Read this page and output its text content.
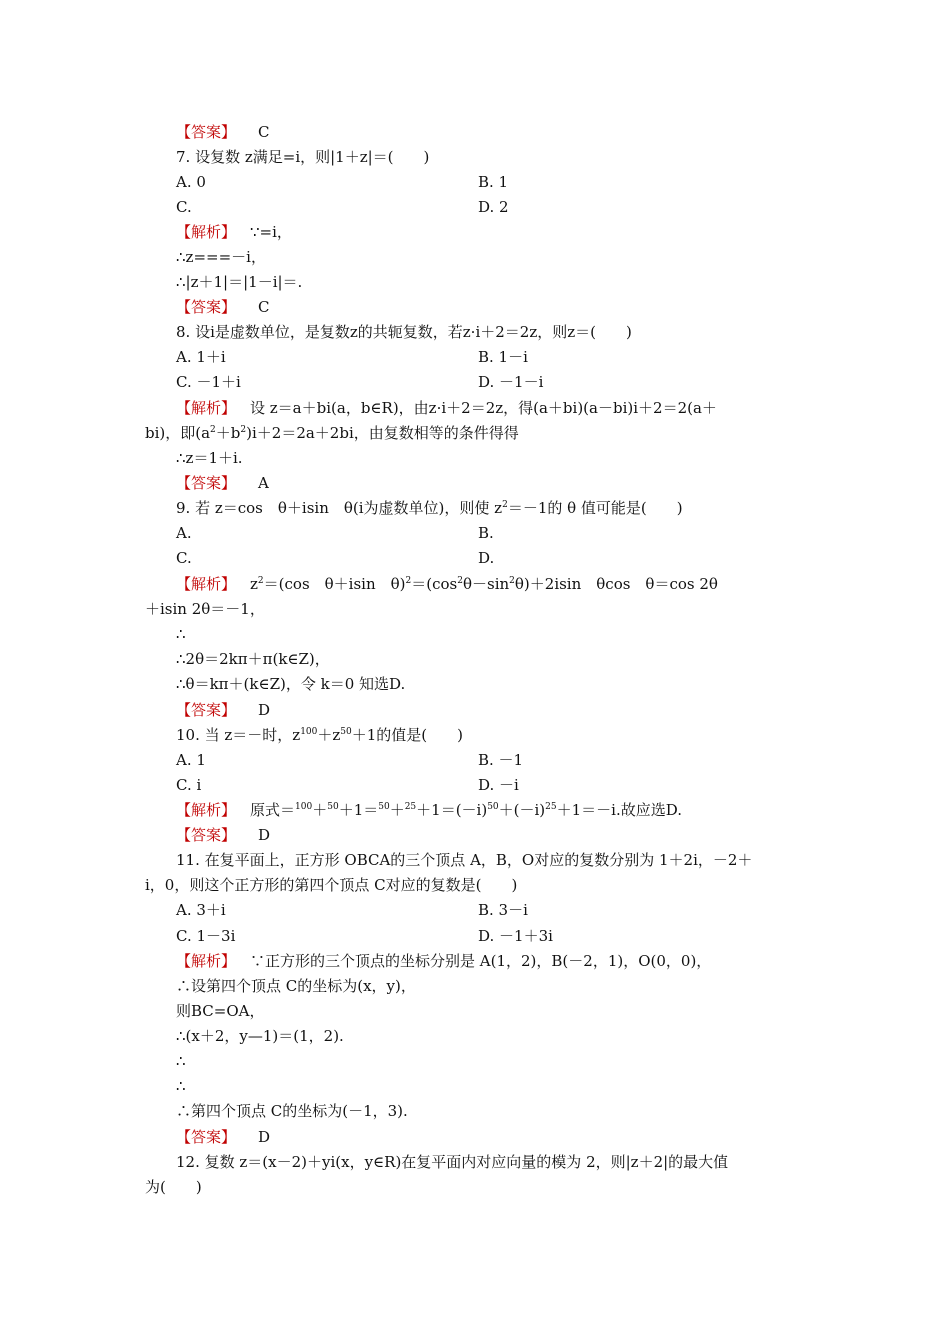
【答案】 C
7. 设复数 z满足=i，则|1＋z|＝(　　)
A. 0	B. 1
C.	D. 2
【解析】 ∵=i，
∴z===－i，
∴|z＋1|＝|1－i|＝.
【答案】 C
8. 设i是虚数单位，是复数z的共轭复数，若z·i＋2＝2z，则z＝(　　)
A. 1＋i	B. 1－i
C. －1＋i	D. －1－i
【解析】 设 z＝a＋bi(a，b∈R)，由z·i＋2＝2z，得(a＋bi)(a－bi)i＋2＝2(a＋
bi)，即$(a^2+b^2)i+2=2a+2bi$，由复数相等的条件得得
∴z＝1＋i.
【答案】 A
9. 若 z＝cos　θ＋isin　θ(i为虚数单位)，则使 $z^2=-1$的 θ 值可能是(　　)
A.	B.
C.	D.
【解析】 $z^2=(\cos$　θ＋isin　$\theta)^2=(\cos^2\theta-\sin^2\theta)+2isin$　θcos　θ＝cos 2θ
＋isin 2θ＝－1，
∴
∴2θ＝2kπ＋π(k∈Z)，
∴θ＝kπ＋(k∈Z)，令 k＝0 知选D.
【答案】 D
10. 当 z＝－时，$z^{100}+z^{50}+1$的值是(　　)
A. 1	B. －1
C. i	D. －i
【解析】 原式$=^{100}+^{50}+1=^{50}+^{25}+1=(-i)^{50}+(-i)^{25}+1=-i$.故应选D.
【答案】 D
11. 在复平面上，正方形 OBCA的三个顶点 A，B，O对应的复数分别为 1＋2i，－2＋
i，0，则这个正方形的第四个顶点 C对应的复数是(　　)
A. 3＋i	B. 3－i
C. 1－3i	D. －1＋3i
【解析】 ∵正方形的三个顶点的坐标分别是 A(1，2)，B(－2，1)，O(0，0)，
∴设第四个顶点 C的坐标为(x，y)，
则BC=OA，
∴(x＋2，y—1)＝(1，2).
∴
∴
∴第四个顶点 C的坐标为(－1，3).
【答案】 D
12. 复数 z＝(x－2)＋yi(x，y∈R)在复平面内对应向量的模为 2，则|z＋2|的最大值
为(　　)
